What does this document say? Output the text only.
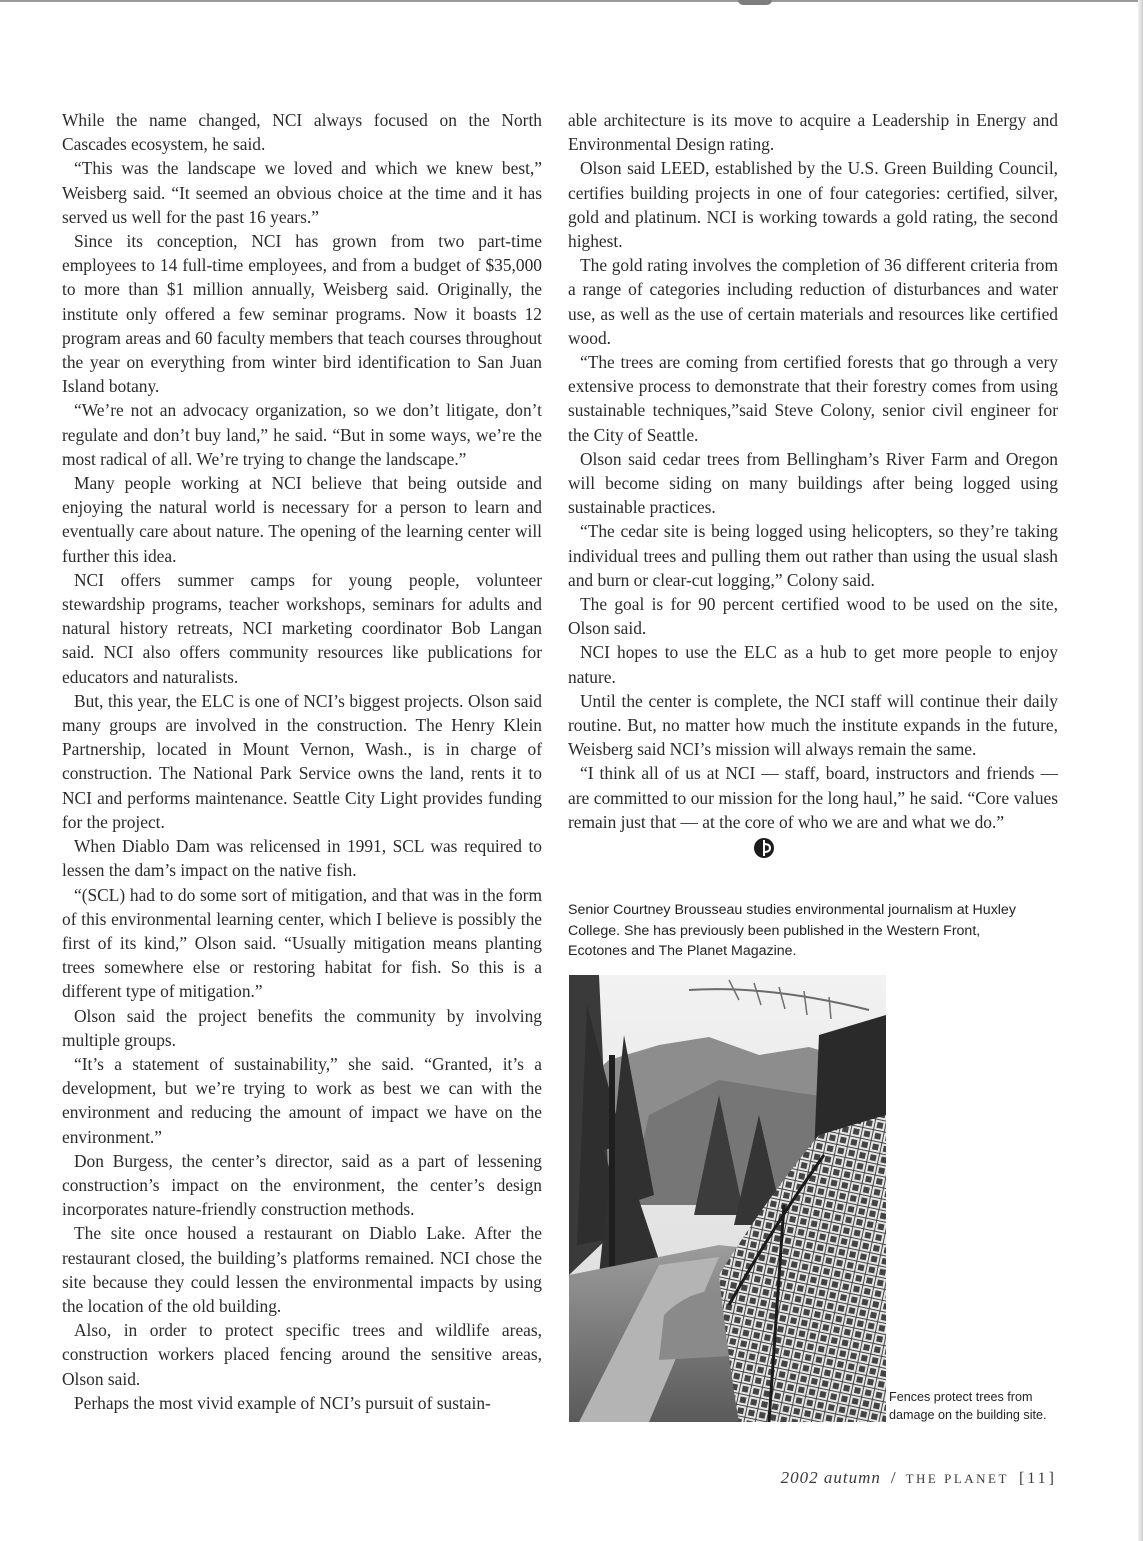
While the name changed, NCI always focused on the North Cascades ecosystem, he said.

“This was the landscape we loved and which we knew best,” Weisberg said. “It seemed an obvious choice at the time and it has served us well for the past 16 years.”

Since its conception, NCI has grown from two part-time employees to 14 full-time employees, and from a budget of $35,000 to more than $1 million annually, Weisberg said. Originally, the institute only offered a few seminar programs. Now it boasts 12 program areas and 60 faculty members that teach courses throughout the year on everything from winter bird identification to San Juan Island botany.

“We’re not an advocacy organization, so we don’t litigate, don’t regulate and don’t buy land,” he said. “But in some ways, we’re the most radical of all. We’re trying to change the landscape.”

Many people working at NCI believe that being outside and enjoying the natural world is necessary for a person to learn and eventually care about nature. The opening of the learning center will further this idea.

NCI offers summer camps for young people, volunteer stewardship programs, teacher workshops, seminars for adults and natural history retreats, NCI marketing coordinator Bob Langan said. NCI also offers community resources like publications for educators and naturalists.

But, this year, the ELC is one of NCI’s biggest projects. Olson said many groups are involved in the construction. The Henry Klein Partnership, located in Mount Vernon, Wash., is in charge of construction. The National Park Service owns the land, rents it to NCI and performs maintenance. Seattle City Light provides funding for the project.

When Diablo Dam was relicensed in 1991, SCL was required to lessen the dam’s impact on the native fish.

“(SCL) had to do some sort of mitigation, and that was in the form of this environmental learning center, which I believe is possibly the first of its kind,” Olson said. “Usually mitigation means planting trees somewhere else or restoring habitat for fish. So this is a different type of mitigation.”

Olson said the project benefits the community by involving multiple groups.

“It’s a statement of sustainability,” she said. “Granted, it’s a development, but we’re trying to work as best we can with the environment and reducing the amount of impact we have on the environment.”

Don Burgess, the center’s director, said as a part of lessening construction’s impact on the environment, the center’s design incorporates nature-friendly construction methods.

The site once housed a restaurant on Diablo Lake. After the restaurant closed, the building’s platforms remained. NCI chose the site because they could lessen the environmental impacts by using the location of the old building.

Also, in order to protect specific trees and wildlife areas, construction workers placed fencing around the sensitive areas, Olson said.

Perhaps the most vivid example of NCI’s pursuit of sustain-

able architecture is its move to acquire a Leadership in Energy and Environmental Design rating.

Olson said LEED, established by the U.S. Green Building Council, certifies building projects in one of four categories: certified, silver, gold and platinum. NCI is working towards a gold rating, the second highest.

The gold rating involves the completion of 36 different criteria from a range of categories including reduction of disturbances and water use, as well as the use of certain materials and resources like certified wood.

“The trees are coming from certified forests that go through a very extensive process to demonstrate that their forestry comes from using sustainable techniques,”said Steve Colony, senior civil engineer for the City of Seattle.

Olson said cedar trees from Bellingham’s River Farm and Oregon will become siding on many buildings after being logged using sustainable practices.

“The cedar site is being logged using helicopters, so they’re taking individual trees and pulling them out rather than using the usual slash and burn or clear-cut logging,” Colony said.

The goal is for 90 percent certified wood to be used on the site, Olson said.

NCI hopes to use the ELC as a hub to get more people to enjoy nature.

Until the center is complete, the NCI staff will continue their daily routine. But, no matter how much the institute expands in the future, Weisberg said NCI’s mission will always remain the same.

“I think all of us at NCI — staff, board, instructors and friends — are committed to our mission for the long haul,” he said. “Core values remain just that — at the core of who we are and what we do.”

Senior Courtney Brousseau studies environmental journalism at Huxley College. She has previously been published in the Western Front, Ecotones and The Planet Magazine.
Fences protect trees from damage on the building site.
2002 autumn / THE PLANET [11]
